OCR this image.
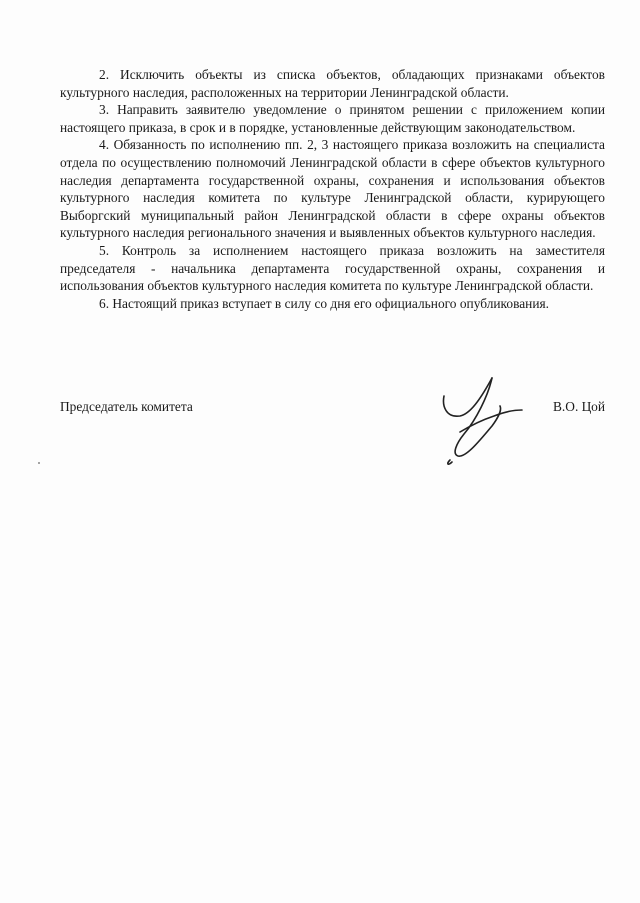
2. Исключить объекты из списка объектов, обладающих признаками объектов культурного наследия, расположенных на территории Ленинградской области.

3. Направить заявителю уведомление о принятом решении с приложением копии настоящего приказа, в срок и в порядке, установленные действующим законодательством.

4. Обязанность по исполнению пп. 2, 3 настоящего приказа возложить на специалиста отдела по осуществлению полномочий Ленинградской области в сфере объектов культурного наследия департамента государственной охраны, сохранения и использования объектов культурного наследия комитета по культуре Ленинградской области, курирующего Выборгский муниципальный район Ленинградской области в сфере охраны объектов культурного наследия регионального значения и выявленных объектов культурного наследия.

5. Контроль за исполнением настоящего приказа возложить на заместителя председателя - начальника департамента государственной охраны, сохранения и использования объектов культурного наследия комитета по культуре Ленинградской области.

6. Настоящий приказ вступает в силу со дня его официального опубликования.

Председатель комитета	В.О. Цой
